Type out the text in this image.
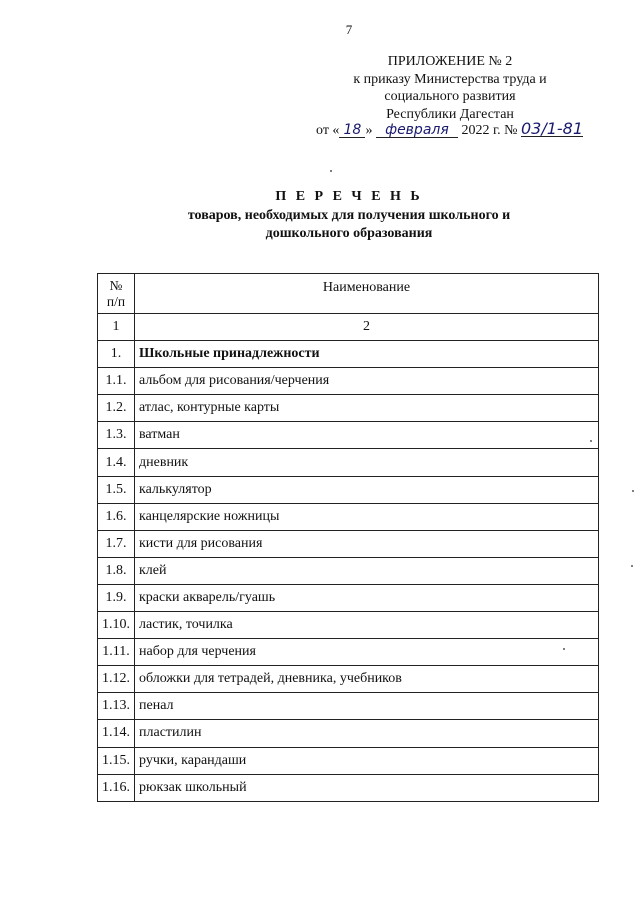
7
ПРИЛОЖЕНИЕ № 2
к приказу Министерства труда и
социального развития
Республики Дагестан
от « 18 » февраля 2022 г. № 03/1-81
П Е Р Е Ч Е Н Ь
товаров, необходимых для получения школьного и
дошкольного образования
№
п/п	Наименование
1	2
1.	Школьные принадлежности
1.1.	альбом для рисования/черчения
1.2.	атлас, контурные карты
1.3.	ватман
1.4.	дневник
1.5.	калькулятор
1.6.	канцелярские ножницы
1.7.	кисти для рисования
1.8.	клей
1.9.	краски акварель/гуашь
1.10.	ластик, точилка
1.11.	набор для черчения
1.12.	обложки для тетрадей, дневника, учебников
1.13.	пенал
1.14.	пластилин
1.15.	ручки, карандаши
1.16.	рюкзак школьный
